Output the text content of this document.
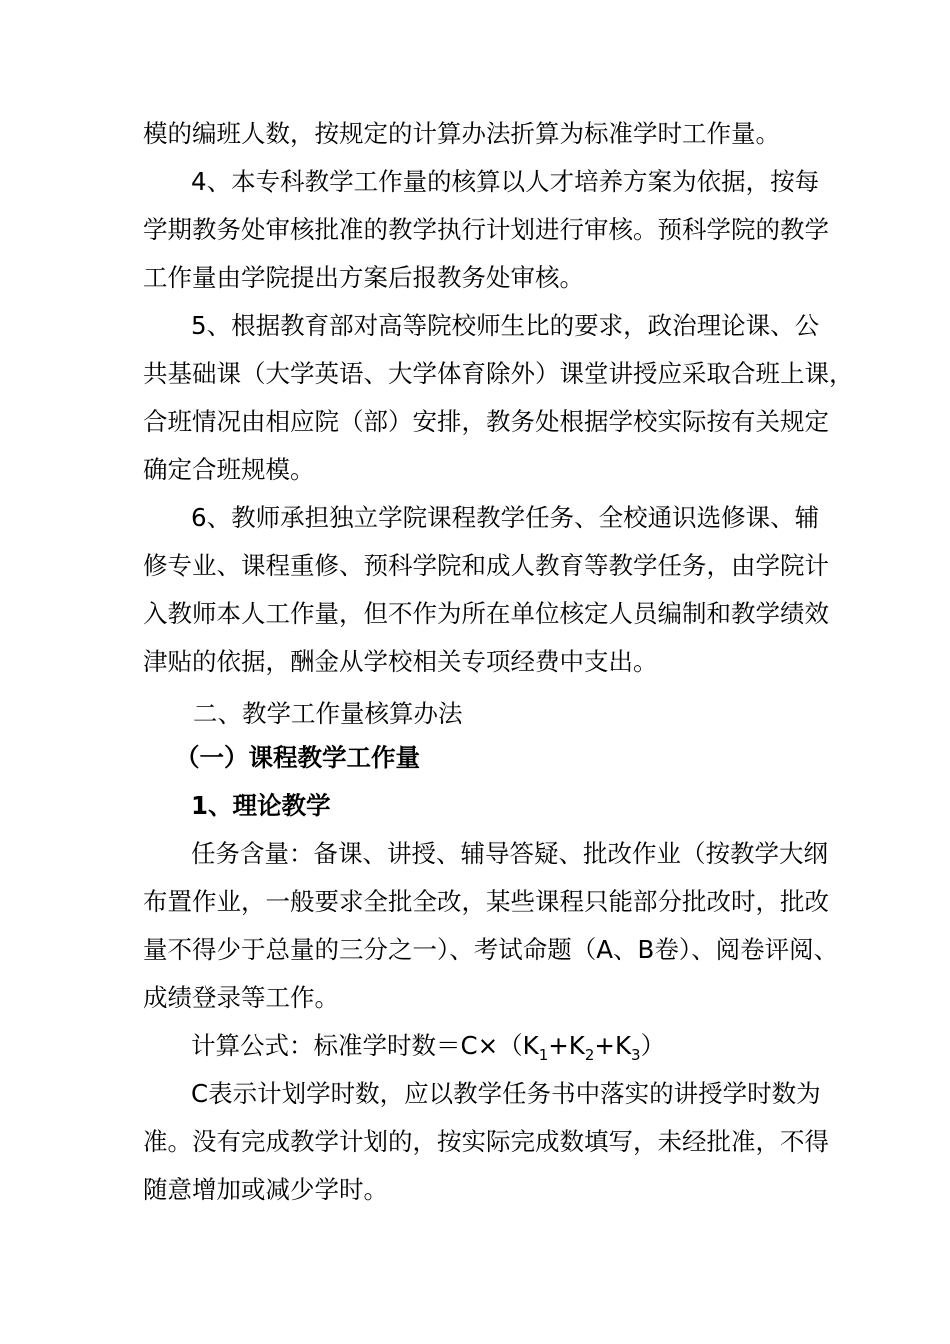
模的编班人数，按规定的计算办法折算为标准学时工作量。
4、本专科教学工作量的核算以人才培养方案为依据，按每
学期教务处审核批准的教学执行计划进行审核。预科学院的教学
工作量由学院提出方案后报教务处审核。
5、根据教育部对高等院校师生比的要求，政治理论课、公
共基础课（大学英语、大学体育除外）课堂讲授应采取合班上课，
合班情况由相应院（部）安排，教务处根据学校实际按有关规定
确定合班规模。
6、教师承担独立学院课程教学任务、全校通识选修课、辅
修专业、课程重修、预科学院和成人教育等教学任务，由学院计
入教师本人工作量，但不作为所在单位核定人员编制和教学绩效
津贴的依据，酬金从学校相关专项经费中支出。
二、教学工作量核算办法
（一）课程教学工作量
1、理论教学
任务含量：备课、讲授、辅导答疑、批改作业（按教学大纲
布置作业，一般要求全批全改，某些课程只能部分批改时，批改
量不得少于总量的三分之一）、考试命题（A、B卷）、阅卷评阅、
成绩登录等工作。
计算公式：标准学时数$=C\times(K_1+K_2+K_3)$
C表示计划学时数，应以教学任务书中落实的讲授学时数为
准。没有完成教学计划的，按实际完成数填写，未经批准，不得
随意增加或减少学时。
